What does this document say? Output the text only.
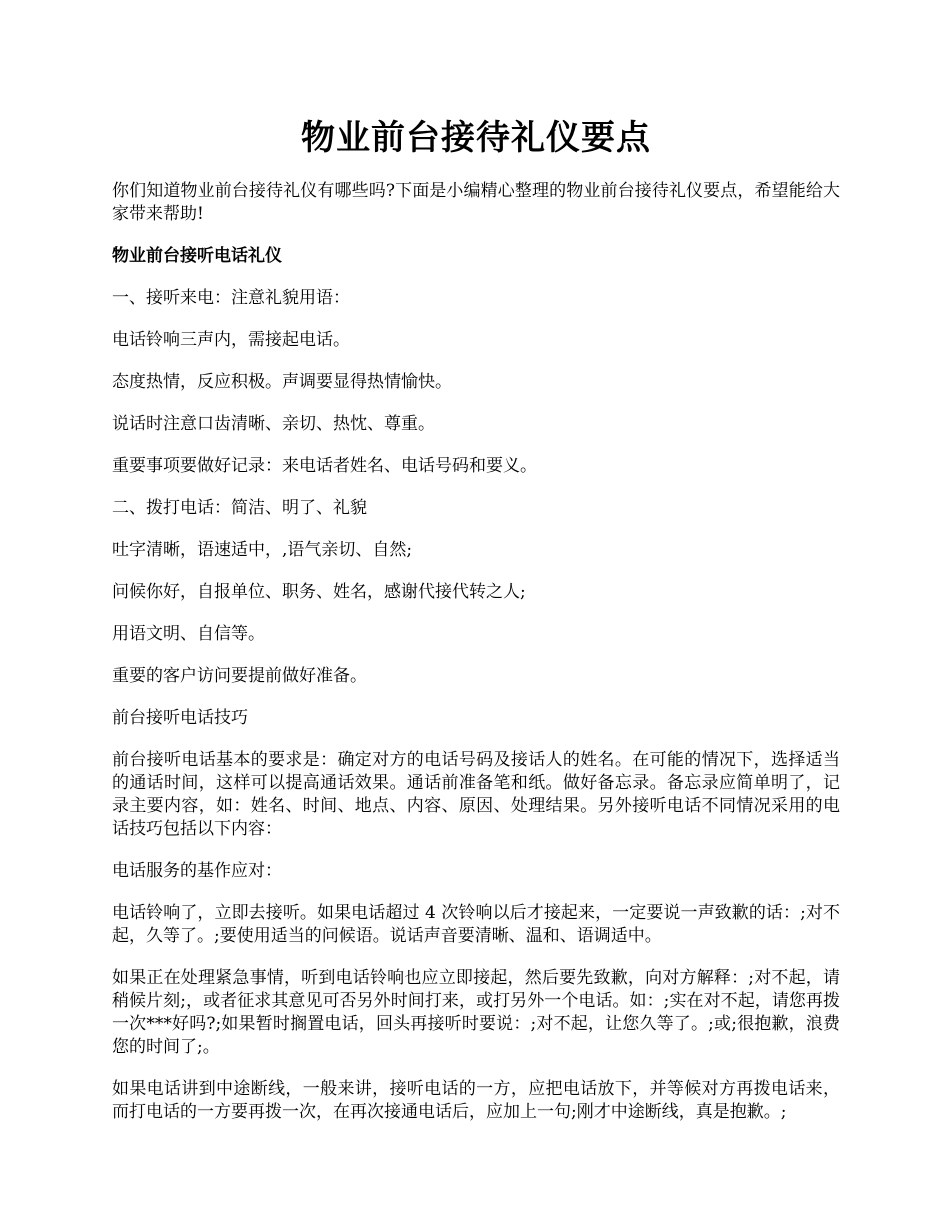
物业前台接待礼仪要点

你们知道物业前台接待礼仪有哪些吗?下面是小编精心整理的物业前台接待礼仪要点，希望能给大家带来帮助!

物业前台接听电话礼仪

一、接听来电：注意礼貌用语：

电话铃响三声内，需接起电话。

态度热情，反应积极。声调要显得热情愉快。

说话时注意口齿清晰、亲切、热忱、尊重。

重要事项要做好记录：来电话者姓名、电话号码和要义。

二、拨打电话：简洁、明了、礼貌

吐字清晰，语速适中，,语气亲切、自然;

问候你好，自报单位、职务、姓名，感谢代接代转之人;

用语文明、自信等。

重要的客户访问要提前做好准备。

前台接听电话技巧

前台接听电话基本的要求是：确定对方的电话号码及接话人的姓名。在可能的情况下，选择适当的通话时间，这样可以提高通话效果。通话前准备笔和纸。做好备忘录。备忘录应简单明了，记录主要内容，如：姓名、时间、地点、内容、原因、处理结果。另外接听电话不同情况采用的电话技巧包括以下内容：

电话服务的基作应对：

电话铃响了，立即去接听。如果电话超过 4 次铃响以后才接起来，一定要说一声致歉的话：;对不起，久等了。;要使用适当的问候语。说话声音要清晰、温和、语调适中。

如果正在处理紧急事情，听到电话铃响也应立即接起，然后要先致歉，向对方解释：;对不起，请稍候片刻;，或者征求其意见可否另外时间打来，或打另外一个电话。如：;实在对不起，请您再拨一次***好吗?;如果暂时搁置电话，回头再接听时要说：;对不起，让您久等了。;或;很抱歉，浪费您的时间了;。

如果电话讲到中途断线，一般来讲，接听电话的一方，应把电话放下，并等候对方再拨电话来，而打电话的一方要再拨一次，在再次接通电话后，应加上一句;刚才中途断线，真是抱歉。;
